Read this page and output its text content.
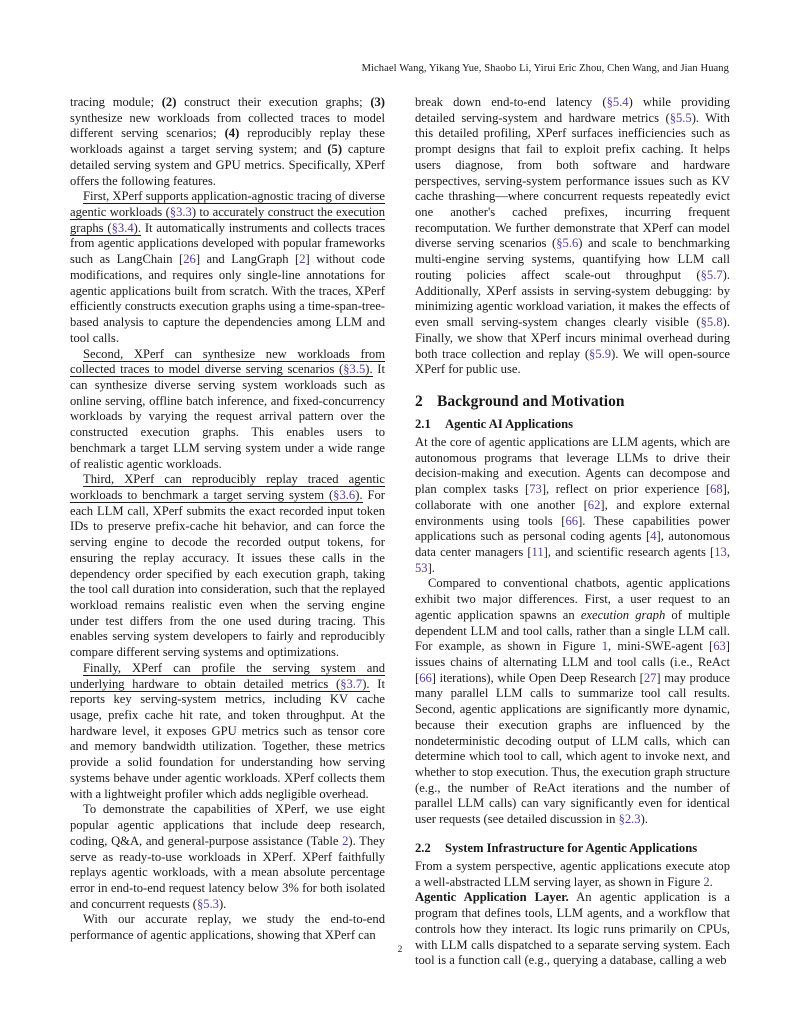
Michael Wang, Yikang Yue, Shaobo Li, Yirui Eric Zhou, Chen Wang, and Jian Huang

tracing module; (2) construct their execution graphs; (3) synthesize new workloads from collected traces to model different serving scenarios; (4) reproducibly replay these workloads against a target serving system; and (5) capture detailed serving system and GPU metrics. Specifically, XPerf offers the following features.

First, XPerf supports application-agnostic tracing of diverse agentic workloads (§3.3) to accurately construct the execution graphs (§3.4). It automatically instruments and collects traces from agentic applications developed with popular frameworks such as LangChain [26] and LangGraph [2] without code modifications, and requires only single-line annotations for agentic applications built from scratch. With the traces, XPerf efficiently constructs execution graphs using a time-span-tree-based analysis to capture the dependencies among LLM and tool calls.

Second, XPerf can synthesize new workloads from collected traces to model diverse serving scenarios (§3.5). It can synthesize diverse serving system workloads such as online serving, offline batch inference, and fixed-concurrency workloads by varying the request arrival pattern over the constructed execution graphs. This enables users to benchmark a target LLM serving system under a wide range of realistic agentic workloads.

Third, XPerf can reproducibly replay traced agentic workloads to benchmark a target serving system (§3.6). For each LLM call, XPerf submits the exact recorded input token IDs to preserve prefix-cache hit behavior, and can force the serving engine to decode the recorded output tokens, for ensuring the replay accuracy. It issues these calls in the dependency order specified by each execution graph, taking the tool call duration into consideration, such that the replayed workload remains realistic even when the serving engine under test differs from the one used during tracing. This enables serving system developers to fairly and reproducibly compare different serving systems and optimizations.

Finally, XPerf can profile the serving system and underlying hardware to obtain detailed metrics (§3.7). It reports key serving-system metrics, including KV cache usage, prefix cache hit rate, and token throughput. At the hardware level, it exposes GPU metrics such as tensor core and memory bandwidth utilization. Together, these metrics provide a solid foundation for understanding how serving systems behave under agentic workloads. XPerf collects them with a lightweight profiler which adds negligible overhead.

To demonstrate the capabilities of XPerf, we use eight popular agentic applications that include deep research, coding, Q&A, and general-purpose assistance (Table 2). They serve as ready-to-use workloads in XPerf. XPerf faithfully replays agentic workloads, with a mean absolute percentage error in end-to-end request latency below 3% for both isolated and concurrent requests (§5.3).

With our accurate replay, we study the end-to-end performance of agentic applications, showing that XPerf can

break down end-to-end latency (§5.4) while providing detailed serving-system and hardware metrics (§5.5). With this detailed profiling, XPerf surfaces inefficiencies such as prompt designs that fail to exploit prefix caching. It helps users diagnose, from both software and hardware perspectives, serving-system performance issues such as KV cache thrashing—where concurrent requests repeatedly evict one another's cached prefixes, incurring frequent recomputation. We further demonstrate that XPerf can model diverse serving scenarios (§5.6) and scale to benchmarking multi-engine serving systems, quantifying how LLM call routing policies affect scale-out throughput (§5.7). Additionally, XPerf assists in serving-system debugging: by minimizing agentic workload variation, it makes the effects of even small serving-system changes clearly visible (§5.8). Finally, we show that XPerf incurs minimal overhead during both trace collection and replay (§5.9). We will open-source XPerf for public use.

2 Background and Motivation
2.1 Agentic AI Applications

At the core of agentic applications are LLM agents, which are autonomous programs that leverage LLMs to drive their decision-making and execution. Agents can decompose and plan complex tasks [73], reflect on prior experience [68], collaborate with one another [62], and explore external environments using tools [66]. These capabilities power applications such as personal coding agents [4], autonomous data center managers [11], and scientific research agents [13, 53].

Compared to conventional chatbots, agentic applications exhibit two major differences. First, a user request to an agentic application spawns an execution graph of multiple dependent LLM and tool calls, rather than a single LLM call. For example, as shown in Figure 1, mini-SWE-agent [63] issues chains of alternating LLM and tool calls (i.e., ReAct [66] iterations), while Open Deep Research [27] may produce many parallel LLM calls to summarize tool call results. Second, agentic applications are significantly more dynamic, because their execution graphs are influenced by the nondeterministic decoding output of LLM calls, which can determine which tool to call, which agent to invoke next, and whether to stop execution. Thus, the execution graph structure (e.g., the number of ReAct iterations and the number of parallel LLM calls) can vary significantly even for identical user requests (see detailed discussion in §2.3).

2.2 System Infrastructure for Agentic Applications

From a system perspective, agentic applications execute atop a well-abstracted LLM serving layer, as shown in Figure 2.

Agentic Application Layer. An agentic application is a program that defines tools, LLM agents, and a workflow that controls how they interact. Its logic runs primarily on CPUs, with LLM calls dispatched to a separate serving system. Each tool is a function call (e.g., querying a database, calling a web

2
